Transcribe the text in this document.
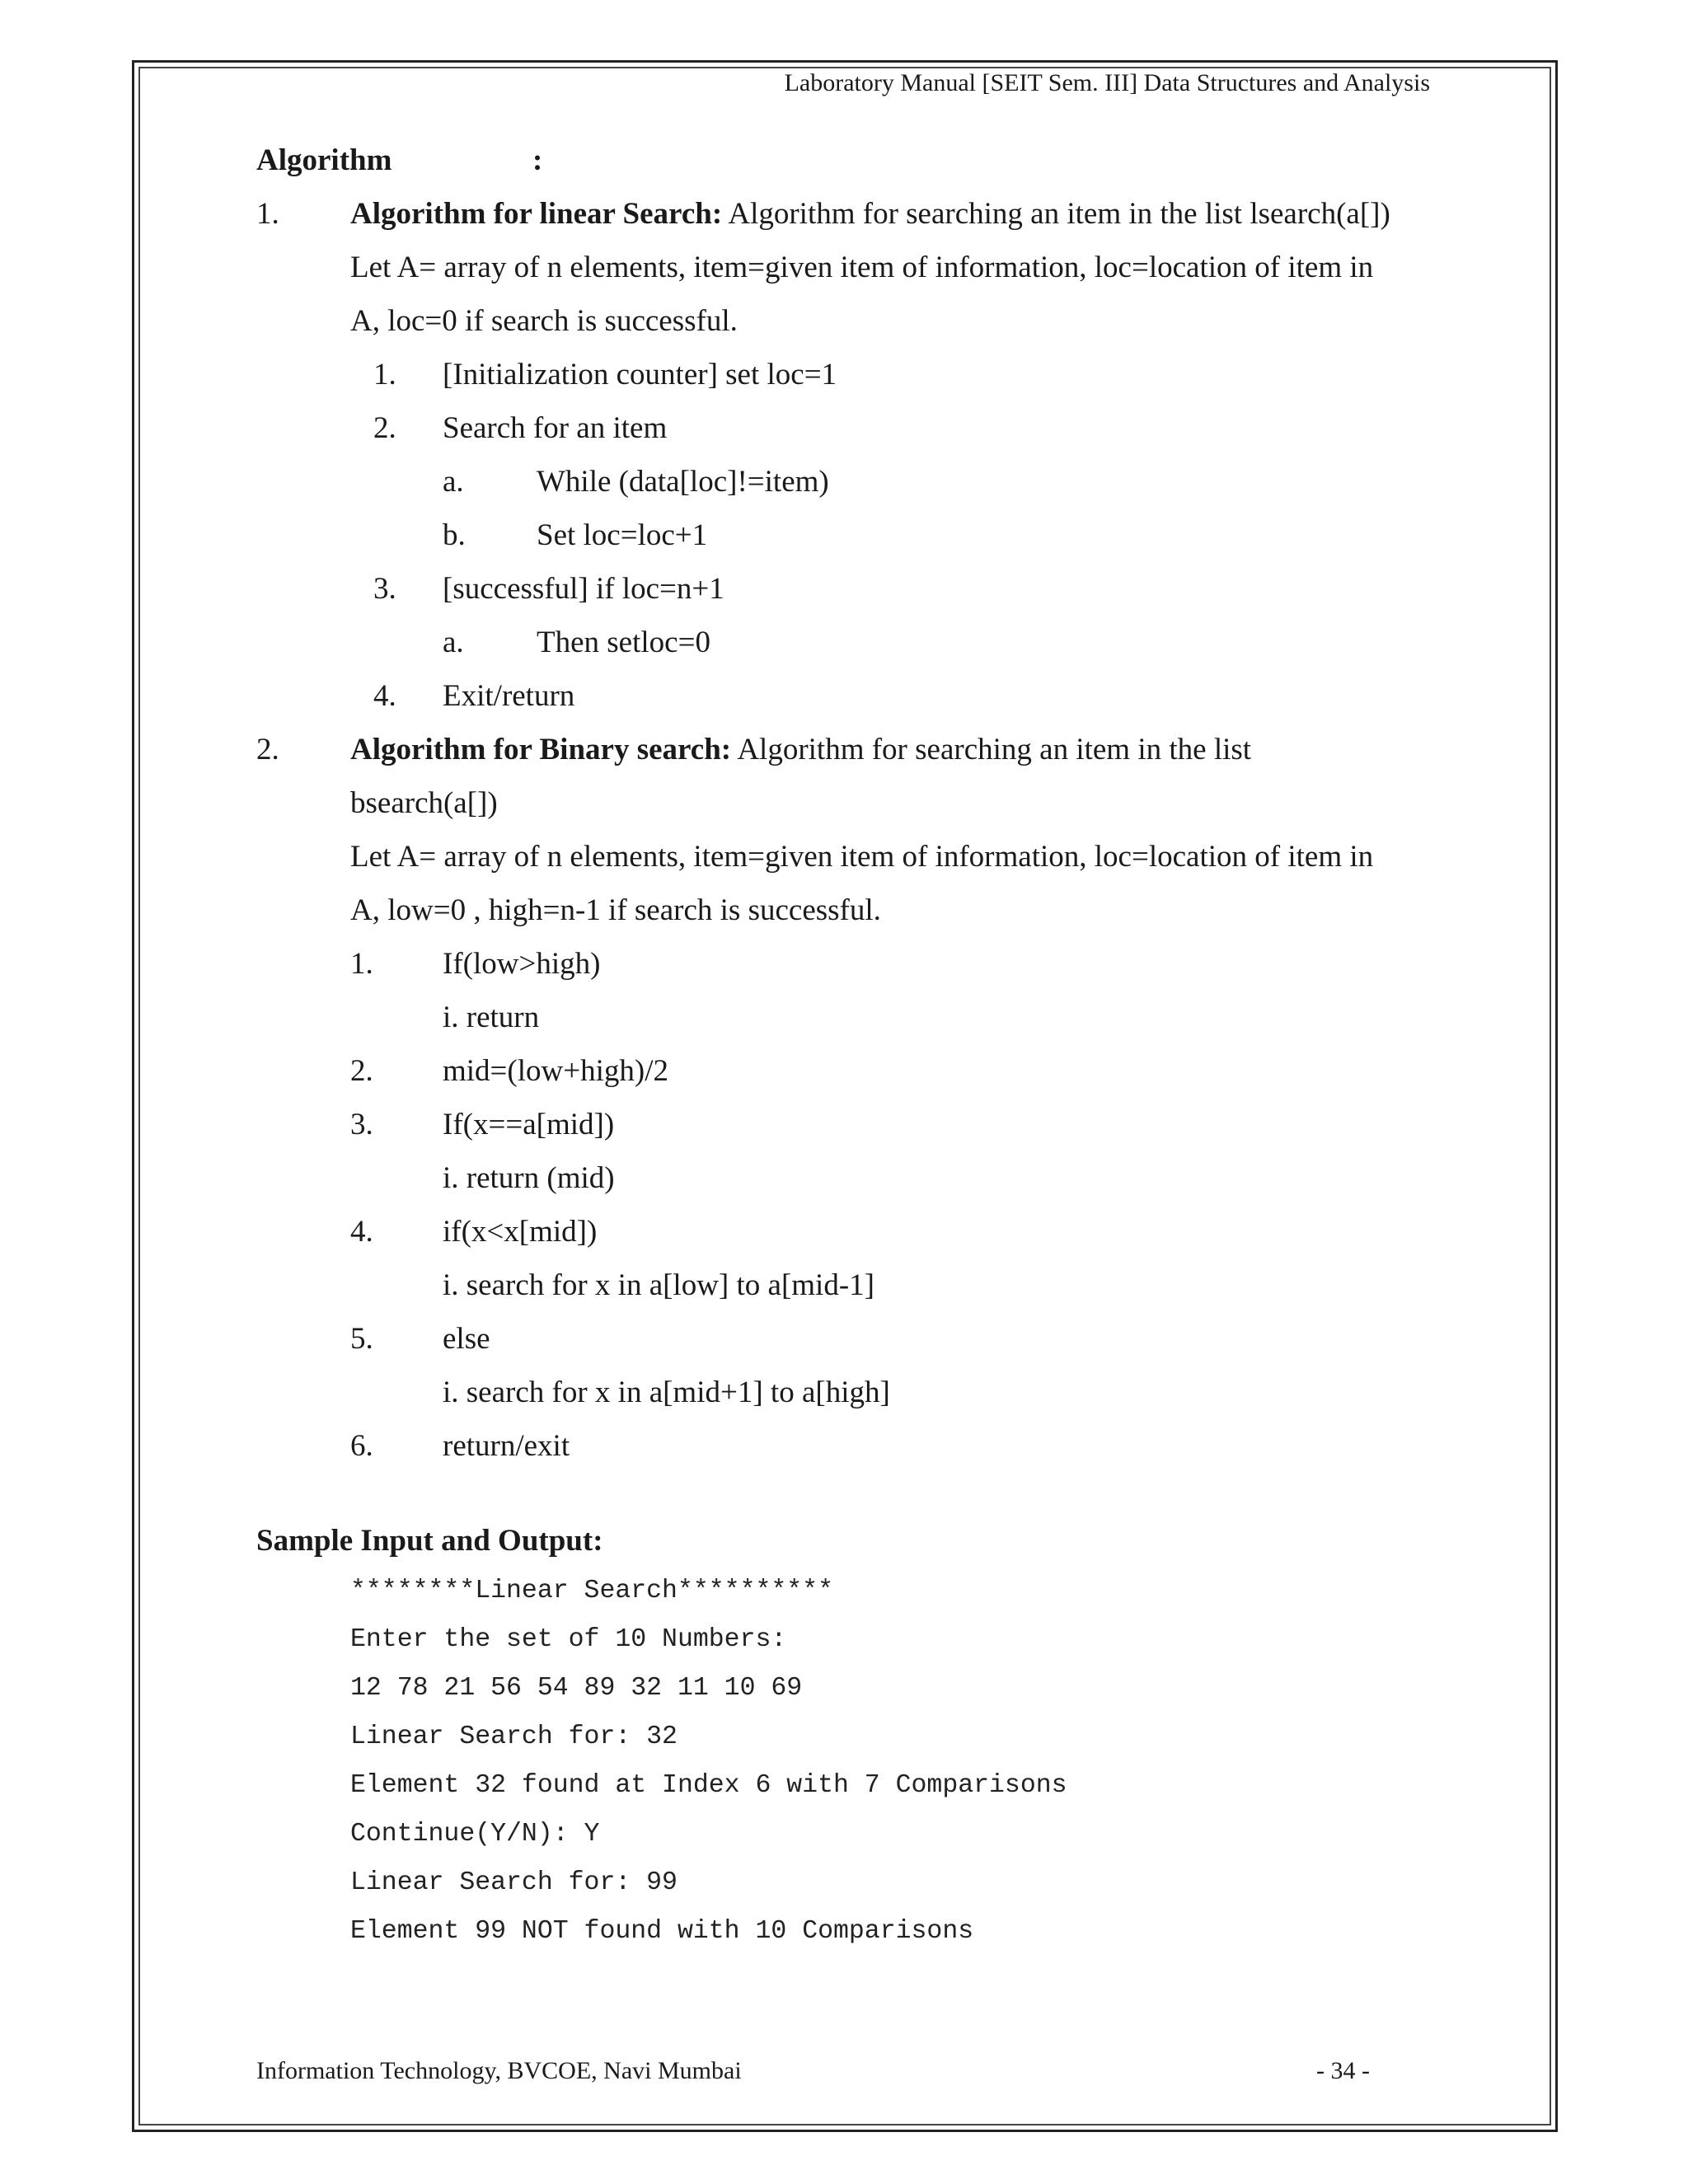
Laboratory Manual [SEIT Sem. III] Data Structures and Analysis
Algorithm	:
1. Algorithm for linear Search: Algorithm for searching an item in the list lsearch(a[])
Let A= array of n elements, item=given item of information, loc=location of item in
A, loc=0 if search is successful.
1. [Initialization counter] set loc=1
2. Search for an item
a. While (data[loc]!=item)
b. Set loc=loc+1
3. [successful] if loc=n+1
a. Then setloc=0
4. Exit/return
2. Algorithm for Binary search: Algorithm for searching an item in the list
bsearch(a[])
Let A= array of n elements, item=given item of information, loc=location of item in
A, low=0 , high=n-1 if search is successful.
1. If(low>high)
i. return
2. mid=(low+high)/2
3. If(x==a[mid])
i. return (mid)
4. if(x<x[mid])
i. search for x in a[low] to a[mid-1]
5. else
i. search for x in a[mid+1] to a[high]
6. return/exit
Sample Input and Output:
********Linear Search**********
Enter the set of 10 Numbers:
12 78 21 56 54 89 32 11 10 69
Linear Search for: 32
Element 32 found at Index 6 with 7 Comparisons
Continue(Y/N): Y
Linear Search for: 99
Element 99 NOT found with 10 Comparisons
Information Technology, BVCOE, Navi Mumbai	- 34 -
